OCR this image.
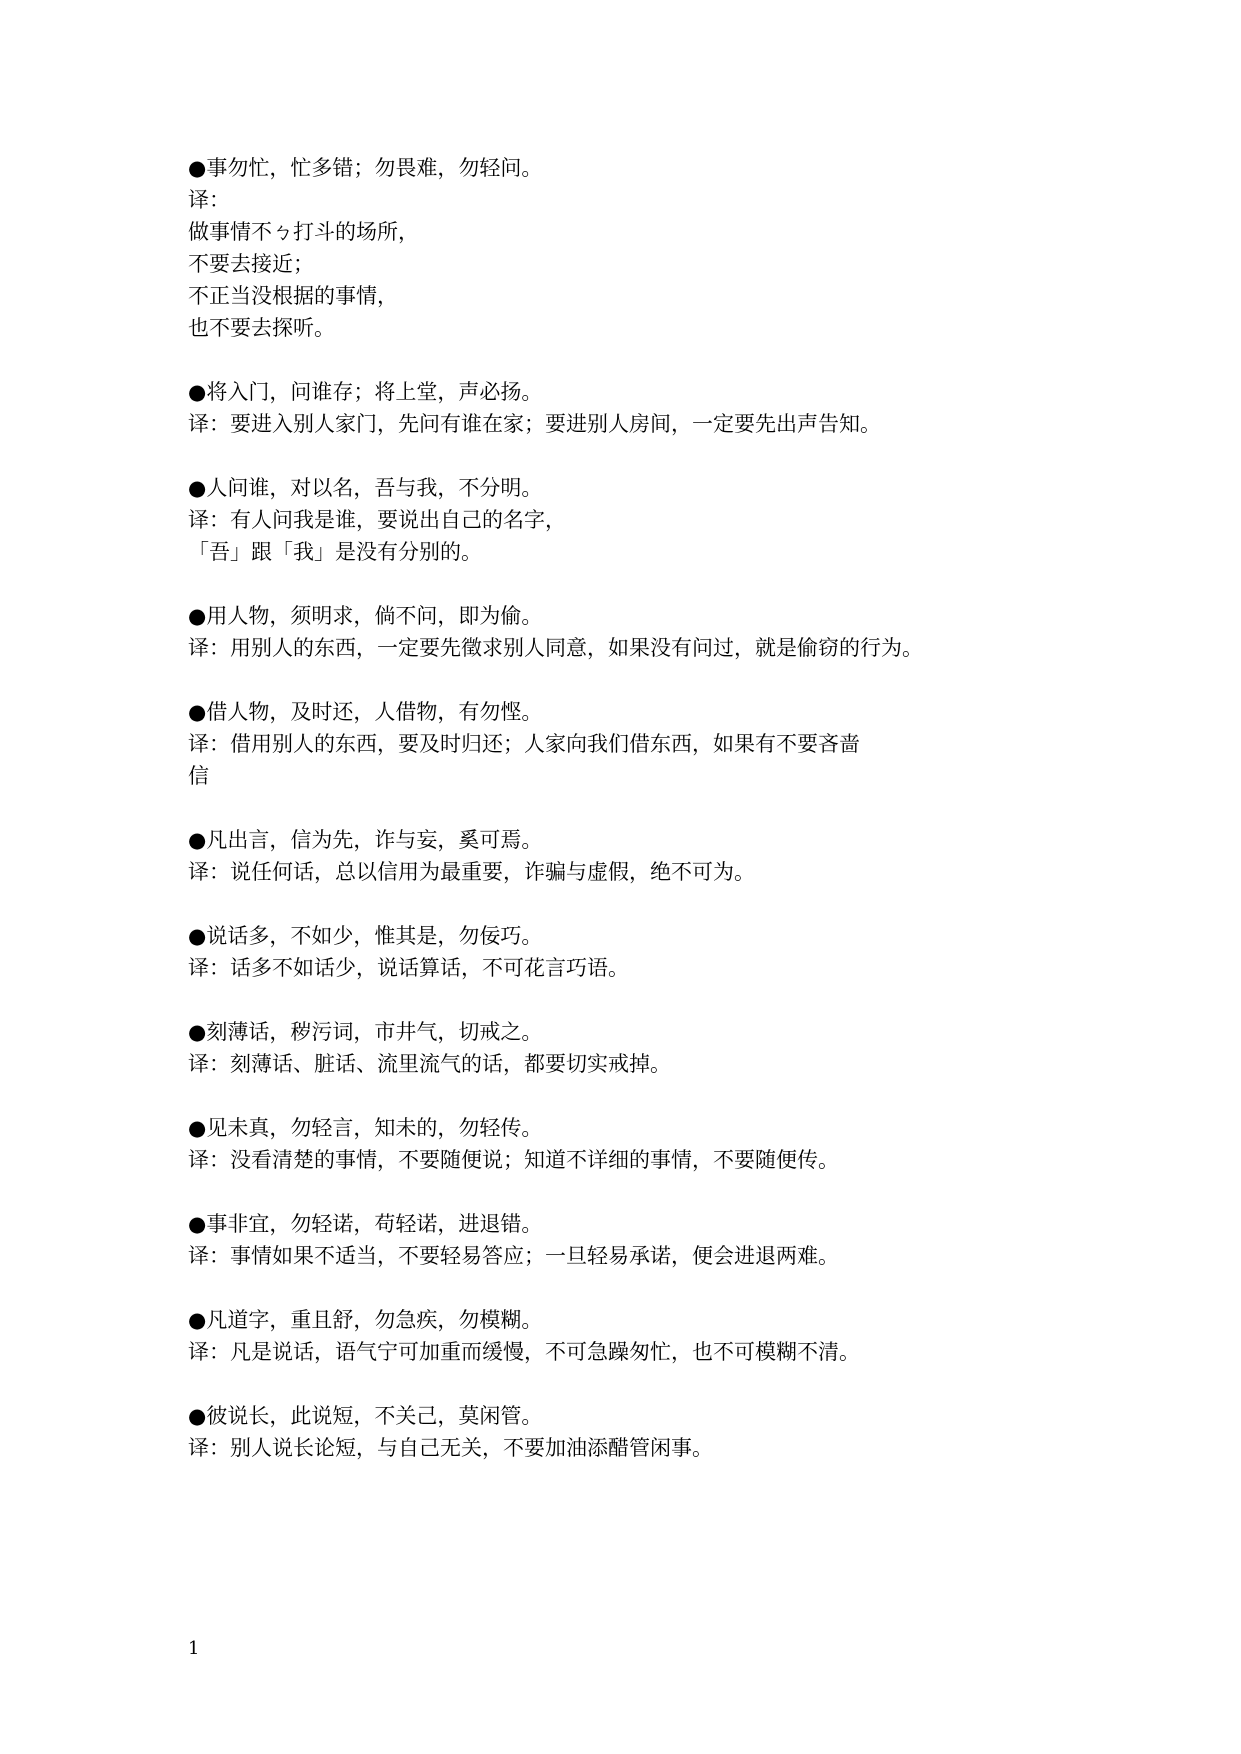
●事勿忙，忙多错；勿畏难，勿轻问。
译：
做事情不ㄅ打斗的场所，
不要去接近；
不正当没根据的事情，
也不要去探听。
●将入门，问谁存；将上堂，声必扬。
译：要进入别人家门，先问有谁在家；要进别人房间，一定要先出声告知。
●人问谁，对以名，吾与我，不分明。
译：有人问我是谁，要说出自己的名字，
「吾」跟「我」是没有分别的。
●用人物，须明求，倘不问，即为偷。
译：用别人的东西，一定要先徵求别人同意，如果没有问过，就是偷窃的行为。
●借人物，及时还，人借物，有勿悭。
译：借用别人的东西，要及时归还；人家向我们借东西，如果有不要吝啬
信
●凡出言，信为先，诈与妄，奚可焉。
译：说任何话，总以信用为最重要，诈骗与虚假，绝不可为。
●说话多，不如少，惟其是，勿佞巧。
译：话多不如话少，说话算话，不可花言巧语。
●刻薄话，秽污词，市井气，切戒之。
译：刻薄话、脏话、流里流气的话，都要切实戒掉。
●见未真，勿轻言，知未的，勿轻传。
译：没看清楚的事情，不要随便说；知道不详细的事情，不要随便传。
●事非宜，勿轻诺，苟轻诺，进退错。
译：事情如果不适当，不要轻易答应；一旦轻易承诺，便会进退两难。
●凡道字，重且舒，勿急疾，勿模糊。
译：凡是说话，语气宁可加重而缓慢，不可急躁匆忙，也不可模糊不清。
●彼说长，此说短，不关己，莫闲管。
译：别人说长论短，与自己无关，不要加油添醋管闲事。
1
